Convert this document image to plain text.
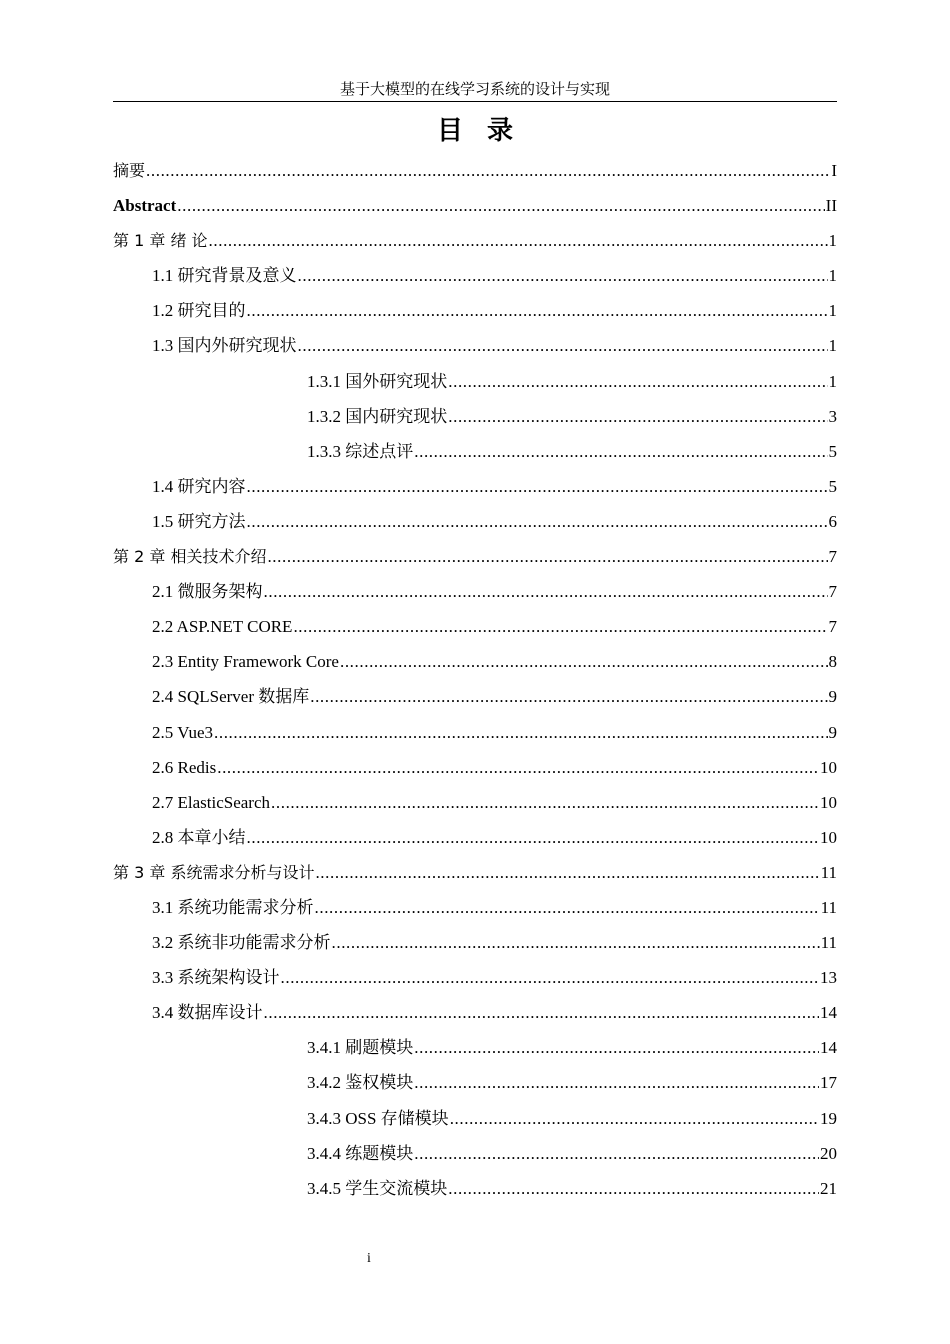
基于大模型的在线学习系统的设计与实现
目录
摘要 .....	I
Abstract .....	II
第 1 章 绪 论 .....	1
1.1 研究背景及意义 .....	1
1.2 研究目的 .....	1
1.3 国内外研究现状 .....	1
1.3.1 国外研究现状 .....	1
1.3.2 国内研究现状 .....	3
1.3.3 综述点评 .....	5
1.4 研究内容 .....	5
1.5 研究方法 .....	6
第 2 章 相关技术介绍 .....	7
2.1 微服务架构 .....	7
2.2 ASP.NET CORE .....	7
2.3 Entity Framework Core .....	8
2.4 SQLServer 数据库 .....	9
2.5 Vue3 .....	9
2.6 Redis .....	10
2.7 ElasticSearch .....	10
2.8 本章小结 .....	10
第 3 章 系统需求分析与设计 .....	11
3.1 系统功能需求分析 .....	11
3.2 系统非功能需求分析 .....	11
3.3 系统架构设计 .....	13
3.4 数据库设计 .....	14
3.4.1 刷题模块 .....	14
3.4.2 鉴权模块 .....	17
3.4.3 OSS 存储模块 .....	19
3.4.4 练题模块 .....	20
3.4.5 学生交流模块 .....	21
i
